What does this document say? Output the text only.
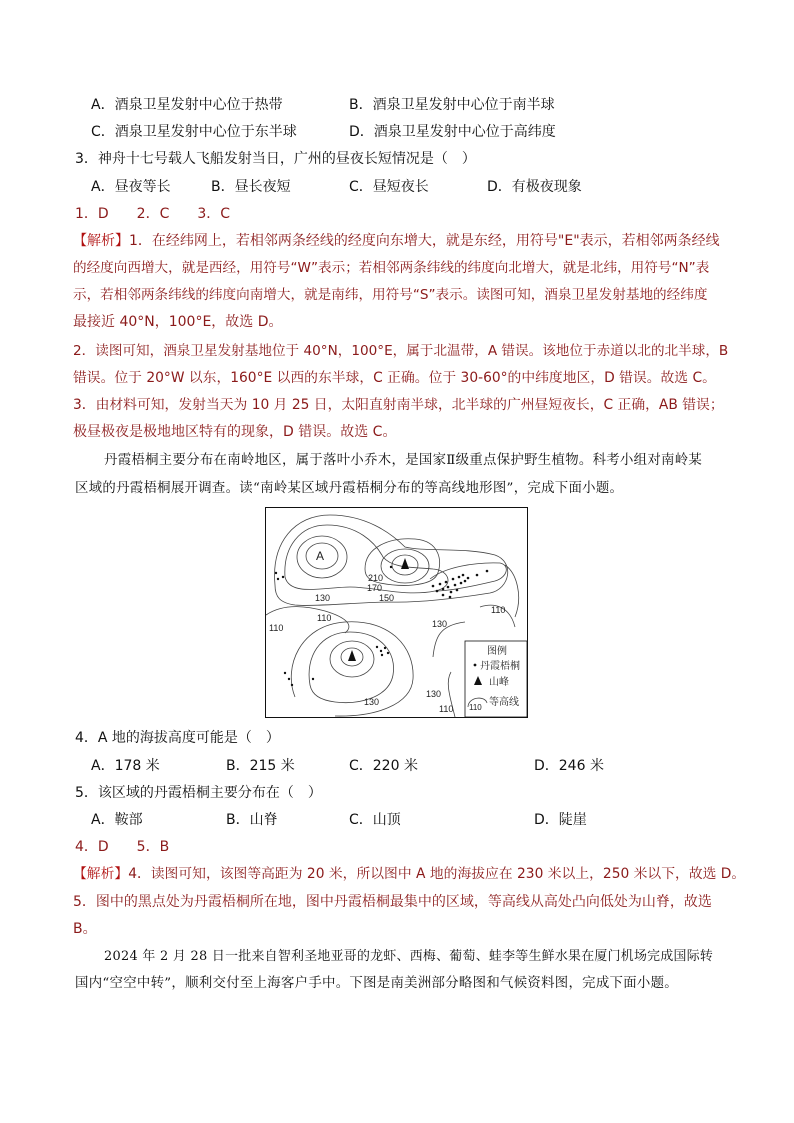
A．酒泉卫星发射中心位于热带	B．酒泉卫星发射中心位于南半球
C．酒泉卫星发射中心位于东半球	D．酒泉卫星发射中心位于高纬度
3．神舟十七号载人飞船发射当日，广州的昼夜长短情况是（　）
A．昼夜等长	B．昼长夜短	C．昼短夜长	D．有极夜现象
1．D　　2．C　　3．C
【解析】1．在经纬网上，若相邻两条经线的经度向东增大，就是东经，用符号"E"表示，若相邻两条经线
的经度向西增大，就是西经，用符号“W”表示；若相邻两条纬线的纬度向北增大，就是北纬，用符号“N”表
示，若相邻两条纬线的纬度向南增大，就是南纬，用符号“S”表示。读图可知，酒泉卫星发射基地的经纬度
最接近 40°N，100°E，故选 D。
2．读图可知，酒泉卫星发射基地位于 40°N，100°E，属于北温带，A 错误。该地位于赤道以北的北半球，B
错误。位于 20°W 以东，160°E 以西的东半球，C 正确。位于 30-60°的中纬度地区，D 错误。故选 C。
3．由材料可知，发射当天为 10 月 25 日，太阳直射南半球，北半球的广州昼短夜长，C 正确，AB 错误；
极昼极夜是极地地区特有的现象，D 错误。故选 C。
丹霞梧桐主要分布在南岭地区，属于落叶小乔木，是国家Ⅱ级重点保护野生植物。科考小组对南岭某
区域的丹霞梧桐展开调查。读“南岭某区域丹霞梧桐分布的等高线地形图”，完成下面小题。
210
170
150
130
130
110
110
110
130
130
110
A
图例
丹霞梧桐
山峰
110 等高线
4．A 地的海拔高度可能是（　）
A．178 米	B．215 米	C．220 米	D．246 米
5．该区域的丹霞梧桐主要分布在（　）
A．鞍部	B．山脊	C．山顶	D．陡崖
4．D　　5．B
【解析】4．读图可知，该图等高距为 20 米，所以图中 A 地的海拔应在 230 米以上，250 米以下，故选 D。
5．图中的黑点处为丹霞梧桐所在地，图中丹霞梧桐最集中的区域，等高线从高处凸向低处为山脊，故选
B。
2024 年 2 月 28 日一批来自智利圣地亚哥的龙虾、西梅、葡萄、蛙李等生鲜水果在厦门机场完成国际转
国内“空空中转”，顺利交付至上海客户手中。下图是南美洲部分略图和气候资料图，完成下面小题。
